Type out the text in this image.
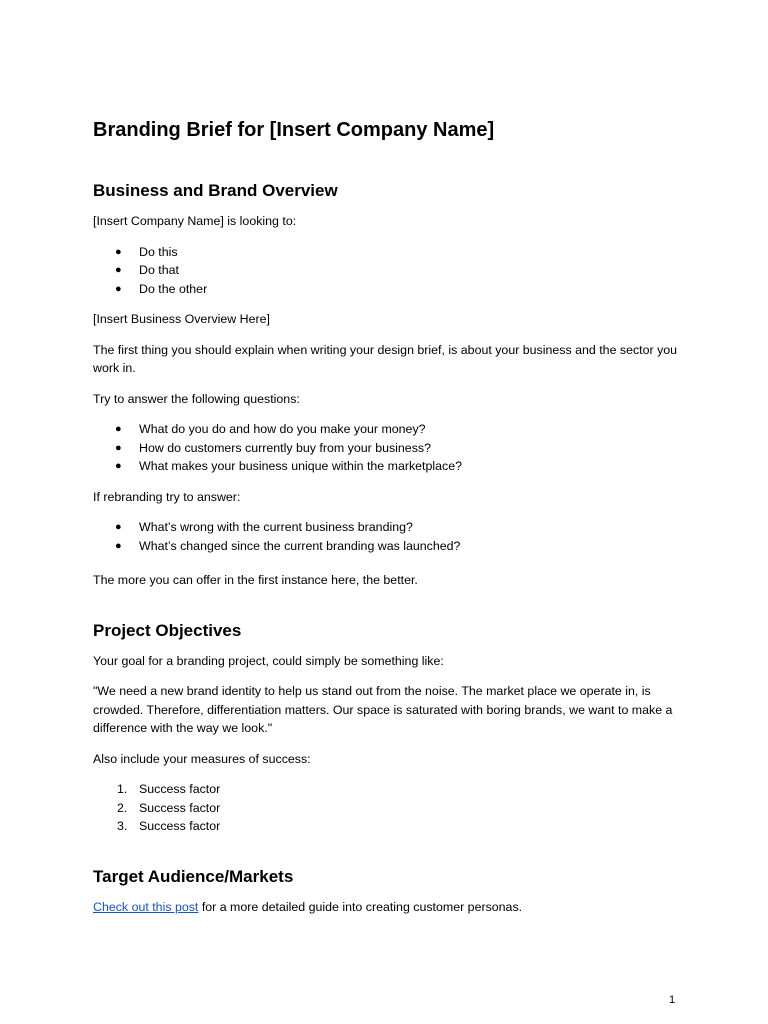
Branding Brief for [Insert Company Name]
Business and Brand Overview

[Insert Company Name] is looking to:

● Do this
● Do that
● Do the other

[Insert Business Overview Here]

The first thing you should explain when writing your design brief, is about your business and the sector you work in.

Try to answer the following questions:

● What do you do and how do you make your money?
● How do customers currently buy from your business?
● What makes your business unique within the marketplace?

If rebranding try to answer:

● What’s wrong with the current business branding?
● What’s changed since the current branding was launched?

The more you can offer in the first instance here, the better.

Project Objectives

Your goal for a branding project, could simply be something like:

"We need a new brand identity to help us stand out from the noise. The market place we operate in, is crowded. Therefore, differentiation matters. Our space is saturated with boring brands, we want to make a difference with the way we look."

Also include your measures of success:

1. Success factor
2. Success factor
3. Success factor
Target Audience/Markets

Check out this post for a more detailed guide into creating customer personas.

1
